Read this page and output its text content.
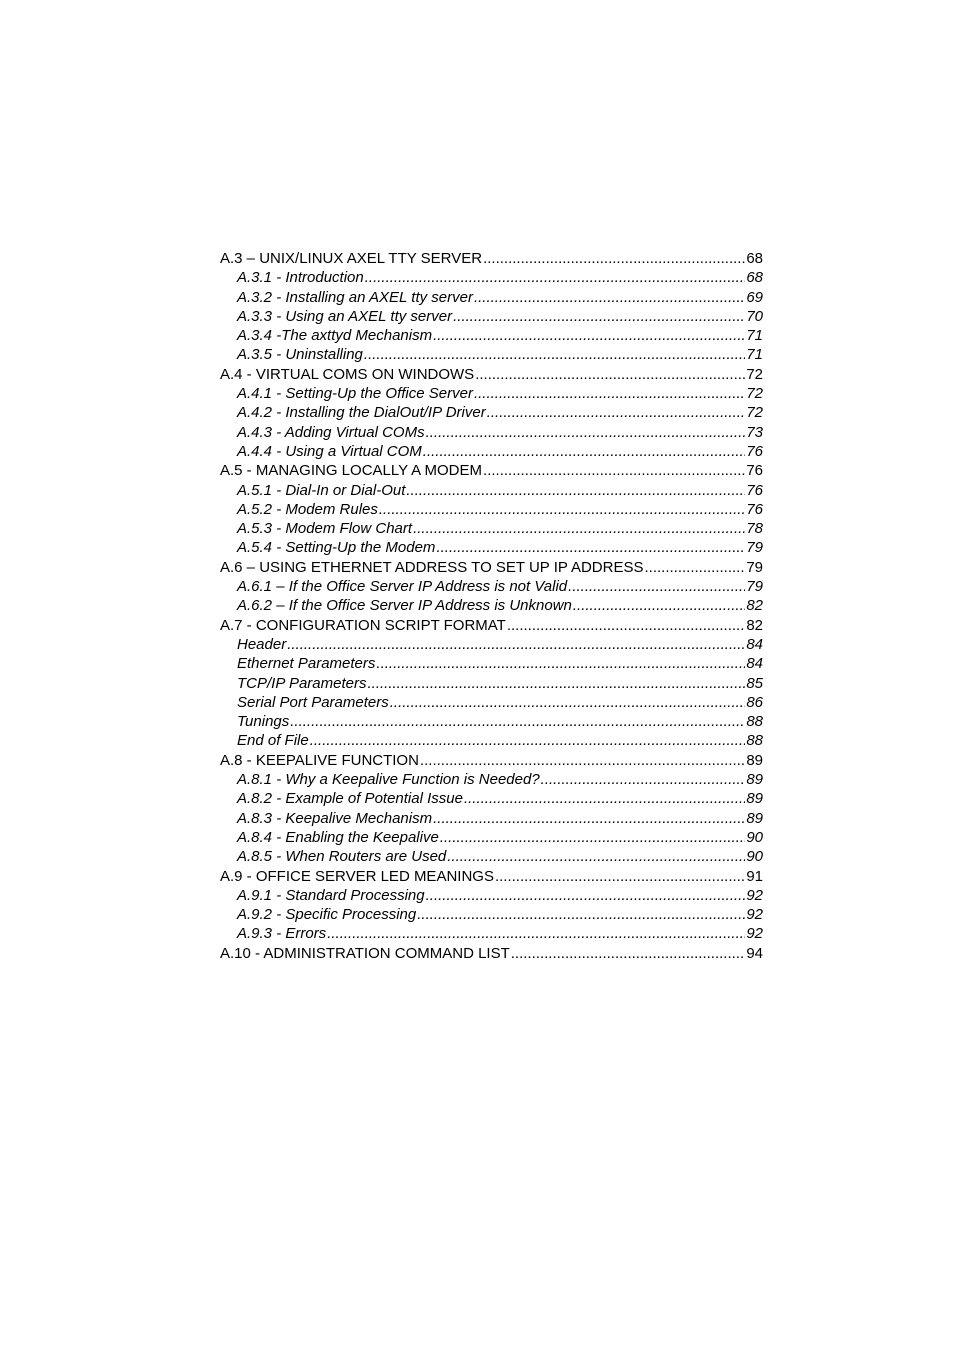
A.3 – UNIX/LINUX AXEL TTY SERVER .....	68
A.3.1 - Introduction .....	68
A.3.2 - Installing an AXEL tty server .....	69
A.3.3 - Using an AXEL tty server .....	70
A.3.4 -The axttyd Mechanism .....	71
A.3.5 - Uninstalling .....	71
A.4 - VIRTUAL COMS ON WINDOWS .....	72
A.4.1 - Setting-Up the Office Server .....	72
A.4.2 - Installing the DialOut/IP Driver .....	72
A.4.3 - Adding Virtual COMs .....	73
A.4.4 - Using a Virtual COM .....	76
A.5 - MANAGING LOCALLY A MODEM .....	76
A.5.1 - Dial-In or Dial-Out .....	76
A.5.2 - Modem Rules .....	76
A.5.3 - Modem Flow Chart .....	78
A.5.4 - Setting-Up the Modem .....	79
A.6 – USING ETHERNET ADDRESS TO SET UP IP ADDRESS .....	79
A.6.1 – If the Office Server IP Address is not Valid .....	79
A.6.2 – If the Office Server IP Address is Unknown .....	82
A.7 - CONFIGURATION SCRIPT FORMAT .....	82
Header .....	84
Ethernet Parameters .....	84
TCP/IP Parameters .....	85
Serial Port Parameters .....	86
Tunings .....	88
End of File .....	88
A.8 - KEEPALIVE FUNCTION .....	89
A.8.1 - Why a Keepalive Function is Needed? .....	89
A.8.2 - Example of Potential Issue .....	89
A.8.3 - Keepalive Mechanism .....	89
A.8.4 - Enabling the Keepalive .....	90
A.8.5 - When Routers are Used .....	90
A.9 - OFFICE SERVER LED MEANINGS .....	91
A.9.1 - Standard Processing .....	92
A.9.2 - Specific Processing .....	92
A.9.3 - Errors .....	92
A.10 - ADMINISTRATION COMMAND LIST .....	94
